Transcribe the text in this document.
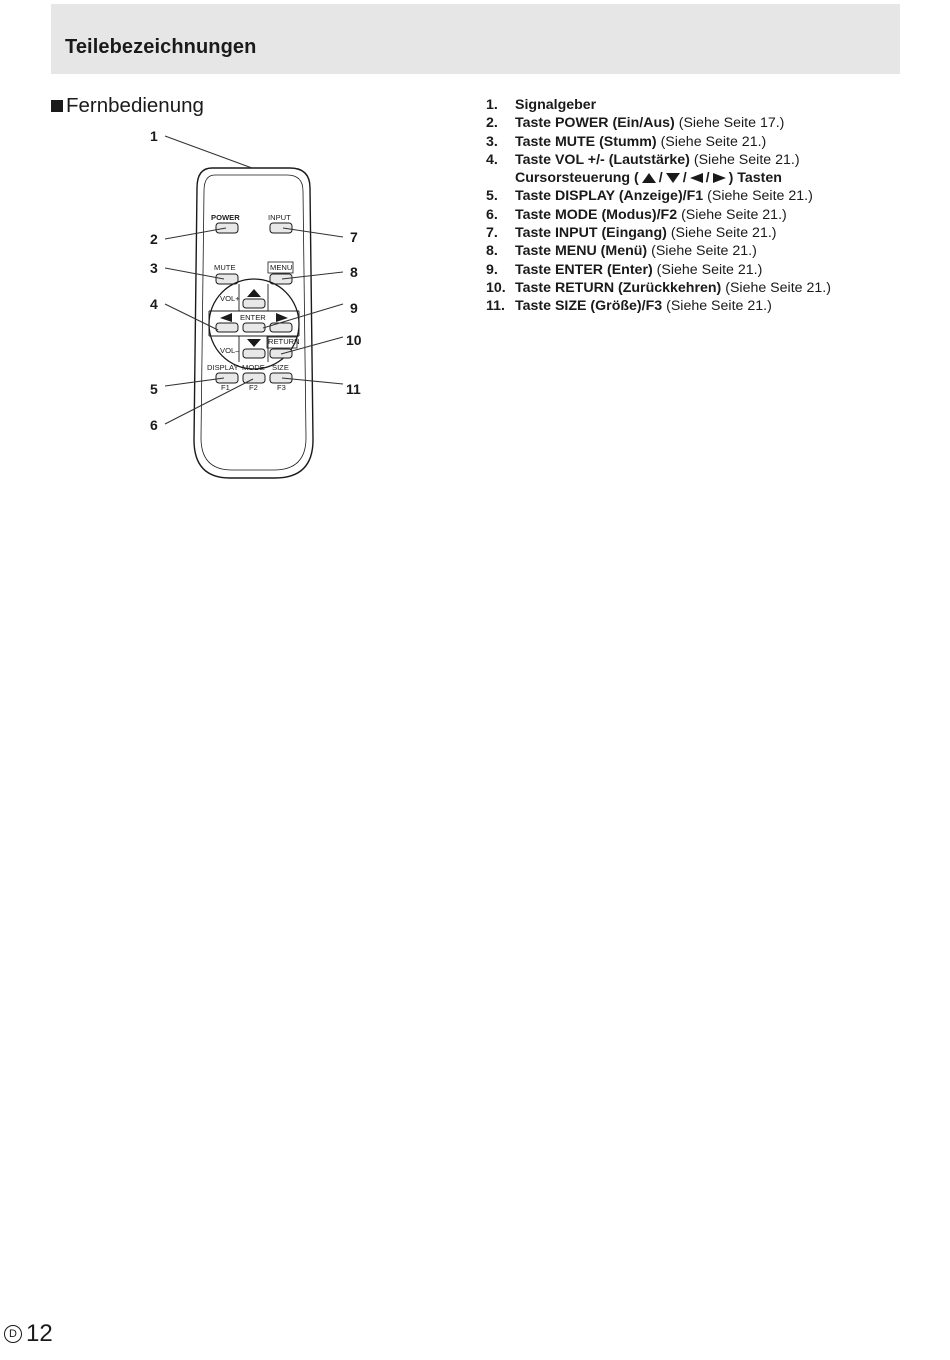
Teilebezeichnungen
Fernbedienung
POWER	INPUT
MUTE	MENU
VOL+
ENTER
VOL–
RETURN
DISPLAY MODE SIZE
F1	F2	F3
1
2
3
4
5
6
7
8
9
10
11
1.	Signalgeber
2.	Taste POWER (Ein/Aus)
(Siehe Seite 17.)
3.	Taste MUTE (Stumm)
(Siehe Seite 21.)
4.	Taste VOL +/- (Lautstärke)
(Siehe Seite 21.)
Cursorsteuerung ( / / / ) Tasten
5.	Taste DISPLAY (Anzeige)/F1
(Siehe Seite 21.)
6.	Taste MODE (Modus)/F2
(Siehe Seite 21.)
7.	Taste INPUT (Eingang)
(Siehe Seite 21.)
8.	Taste MENU (Menü)
(Siehe Seite 21.)
9.	Taste ENTER (Enter)
(Siehe Seite 21.)
10. Taste RETURN (Zurückkehren)
(Siehe Seite 21.)
11. Taste SIZE (Größe)/F3
(Siehe Seite 21.)
D 12
